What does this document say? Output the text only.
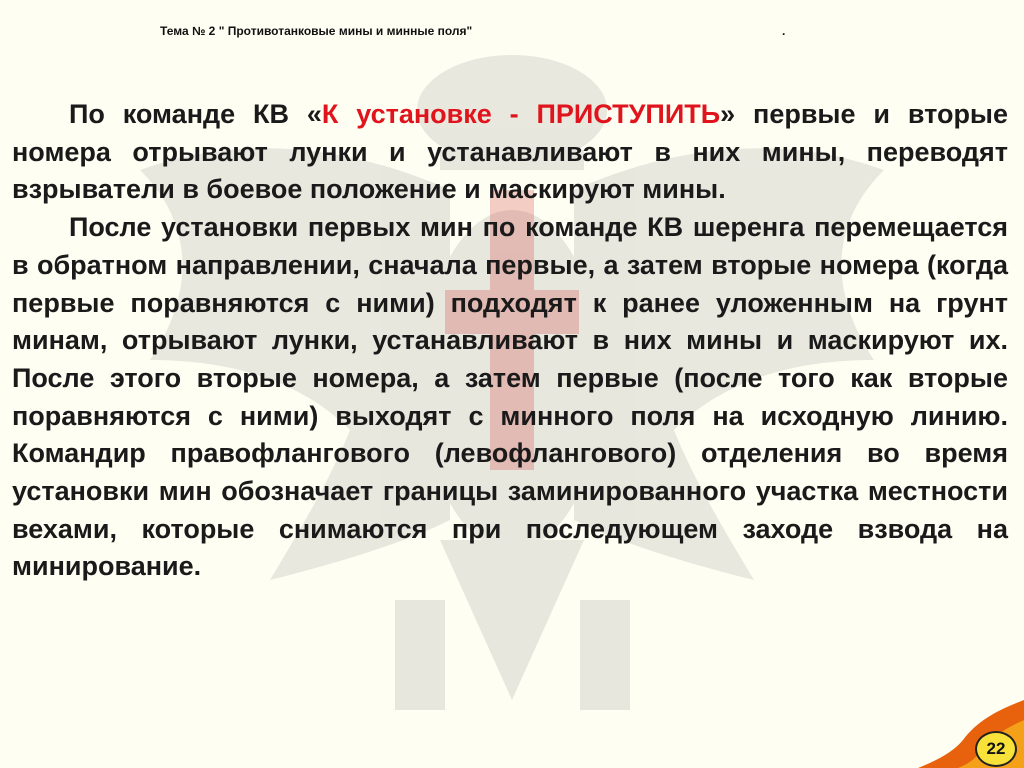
Тема № 2 " Противотанковые мины и минные поля"	.

По команде КВ «К установке - ПРИСТУПИТЬ» первые и вторые номера отрывают лунки и устанавливают в них мины, переводят взрыватели в боевое положение и маскируют мины.

После установки первых мин по команде КВ шеренга перемещается в обратном направлении, сначала первые, а затем вторые номера (когда первые поравняются с ними) подходят к ранее уложенным на грунт минам, отрывают лунки, устанавливают в них мины и маскируют их. После этого вторые номера, а затем первые (после того как вторые поравняются с ними) выходят с минного поля на исходную линию. Командир правофлангового (левофлангового) отделения во время установки мин обозначает границы заминированного участка местности вехами, которые снимаются при последующем заходе взвода на минирование.

22
